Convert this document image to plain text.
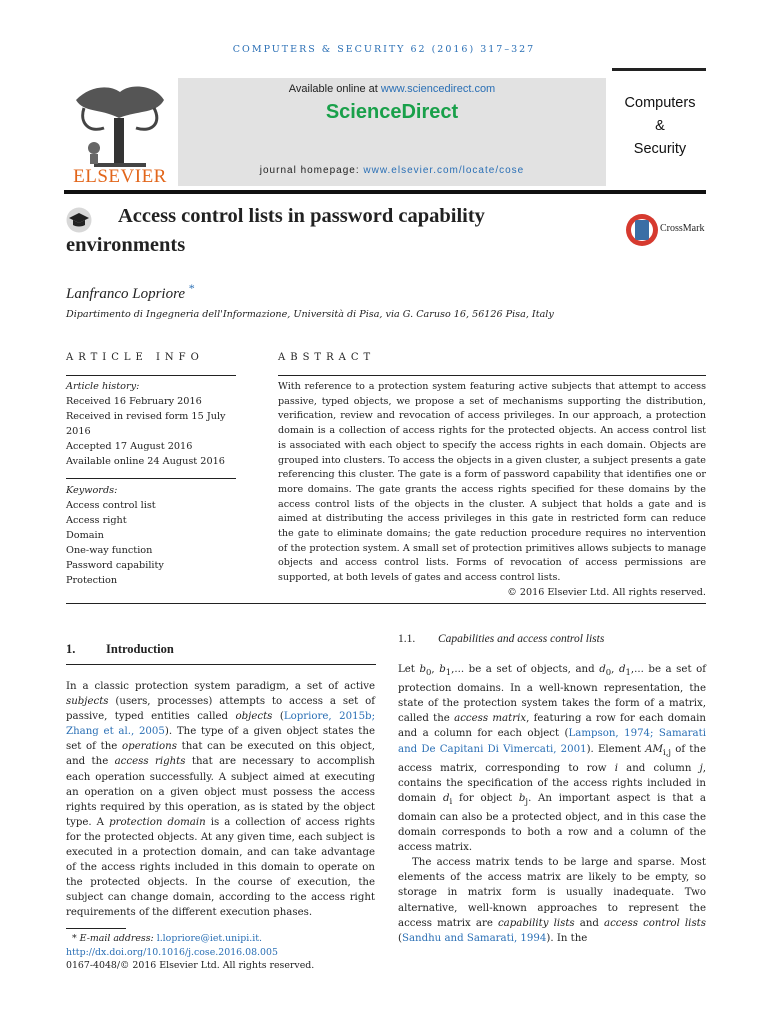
COMPUTERS & SECURITY 62 (2016) 317–327
ELSEVIER
Available online at www.sciencedirect.com
ScienceDirect
journal homepage: www.elsevier.com/locate/cose
Computers
&
Security
Access control lists in password capability environments
CrossMark
Lanfranco Lopriore *
Dipartimento di Ingegneria dell'Informazione, Università di Pisa, via G. Caruso 16, 56126 Pisa, Italy
ARTICLE INFO
Article history:
Received 16 February 2016
Received in revised form 15 July
2016
Accepted 17 August 2016
Available online 24 August 2016
Keywords:
Access control list
Access right
Domain
One-way function
Password capability
Protection
ABSTRACT
With reference to a protection system featuring active subjects that attempt to access passive, typed objects, we propose a set of mechanisms supporting the distribution, verification, review and revocation of access privileges. In our approach, a protection domain is a collection of access rights for the protected objects. An access control list is associated with each object to specify the access rights in each domain. Objects are grouped into clusters. To access the objects in a given cluster, a subject presents a gate referencing this cluster. The gate is a form of password capability that identifies one or more domains. The gate grants the access rights specified for these domains by the access control lists of the objects in the cluster. A subject that holds a gate and is aimed at distributing the access privileges in this gate in restricted form can reduce the gate to eliminate domains; the gate reduction procedure requires no intervention of the protection system. A small set of protection primitives allows subjects to manage objects and access control lists. Forms of revocation of access permissions are supported, at both levels of gates and access control lists.
© 2016 Elsevier Ltd. All rights reserved.
1. Introduction

In a classic protection system paradigm, a set of active subjects (users, processes) attempts to access a set of passive, typed entities called objects (Lopriore, 2015b; Zhang et al., 2005). The type of a given object states the set of the operations that can be executed on this object, and the access rights that are necessary to accomplish each operation successfully. A subject aimed at executing an operation on a given object must possess the access rights required by this operation, as is stated by the object type. A protection domain is a collection of access rights for the protected objects. At any given time, each subject is executed in a protection domain, and can take advantage of the access rights included in this domain to operate on the protected objects. In the course of execution, the subject can change domain, according to the access right requirements of the different execution phases.

1.1. Capabilities and access control lists

Let $b_0$, $b_1$,... be a set of objects, and $d_0$, $d_1$,... be a set of protection domains. In a well-known representation, the state of the protection system takes the form of a matrix, called the access matrix, featuring a row for each domain and a column for each object (Lampson, 1974; Samarati and De Capitani Di Vimercati, 2001). Element $AM_{i,j}$ of the access matrix, corresponding to row i and column j, contains the specification of the access rights included in domain $d_i$ for object $b_j$. An important aspect is that a domain can also be a protected object, and in this case the domain corresponds to both a row and a column of the access matrix.

The access matrix tends to be large and sparse. Most elements of the access matrix are likely to be empty, so storage in matrix form is usually inadequate. Two alternative, well-known approaches to represent the access matrix are capability lists and access control lists (Sandhu and Samarati, 1994). In the

* E-mail address: l.lopriore@iet.unipi.it.
http://dx.doi.org/10.1016/j.cose.2016.08.005
0167-4048/© 2016 Elsevier Ltd. All rights reserved.
